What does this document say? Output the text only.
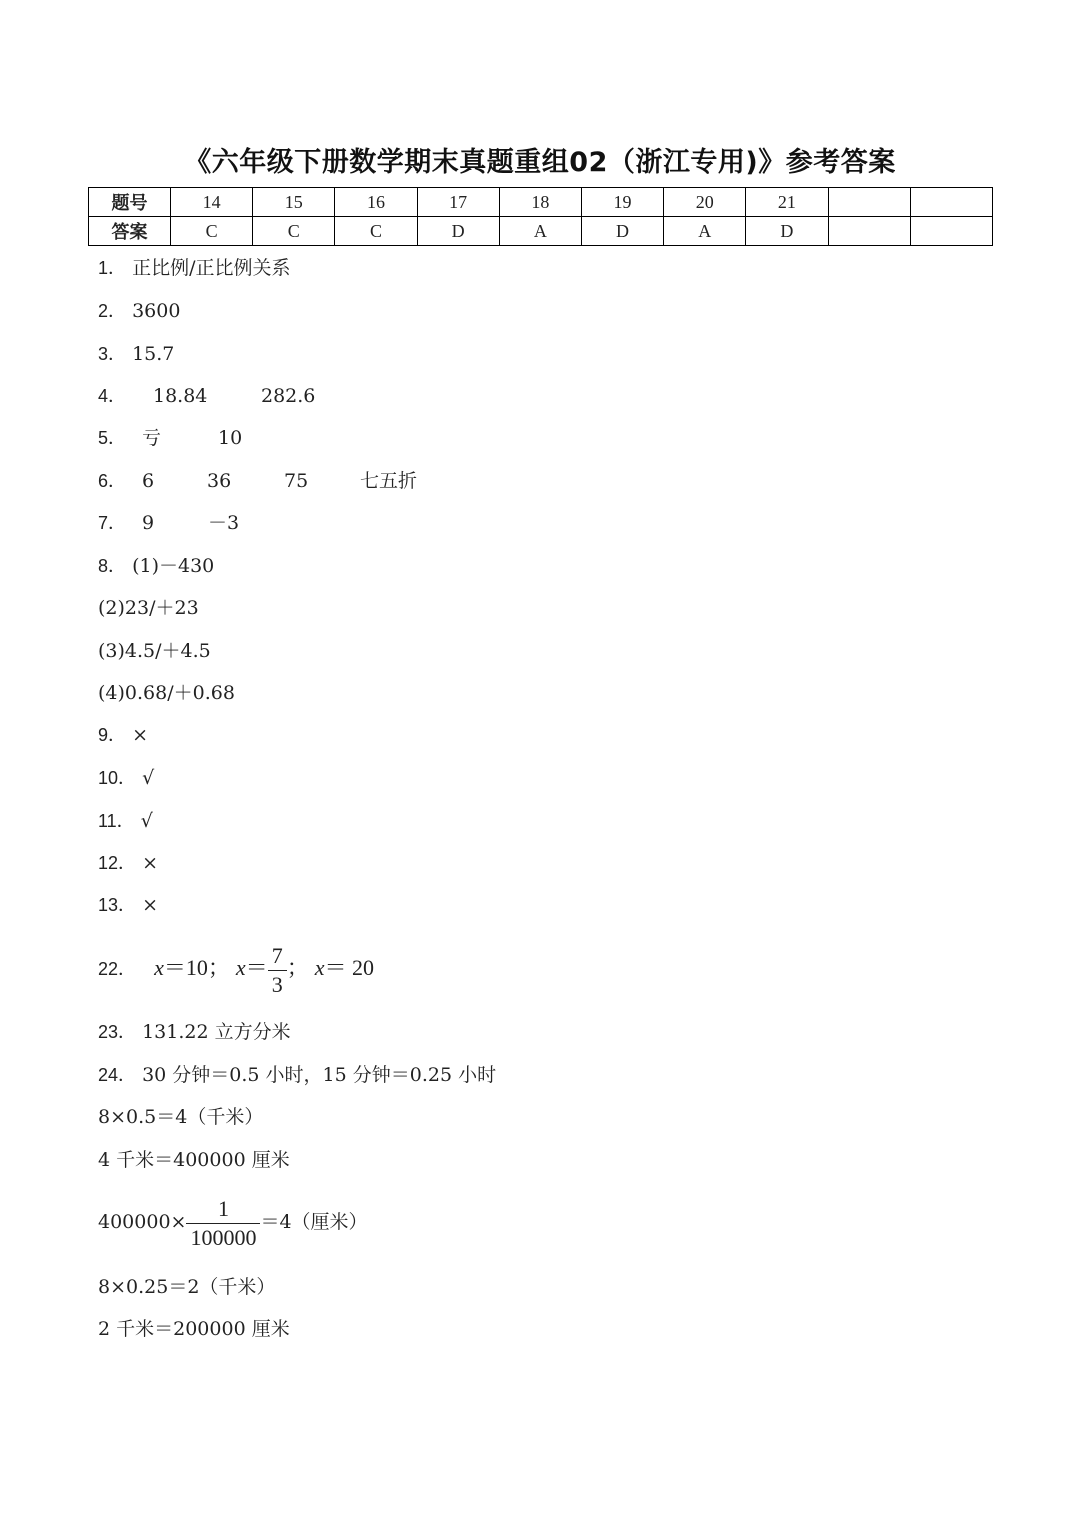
《六年级下册数学期末真题重组02（浙江专用)》参考答案
题号	14	15	16	17	18	19	20	21		
答案	C	C	C	D	A	D	A	D		
1． 正比例/正比例关系
2． 3600
3． 15.7
4． 18.84	282.6
5． 亏	10
6． 6	36	75	七五折
7． 9	－3
8． (1)－430
(2)23/＋23
(3)4.5/＋4.5
(4)0.68/＋0.68
9． ×
10． √
11． √
12． ×
13． ×
22． x＝10； $x= \frac{7}{3}$ ； x＝ 20
23． 131.22 立方分米
24． 30 分钟＝0.5 小时，15 分钟＝0.25 小时
8×0.5＝4（千米）
4 千米＝400000 厘米
$400000\times \frac{1}{100000} =4$（厘米）
8×0.25＝2（千米）
2 千米＝200000 厘米
